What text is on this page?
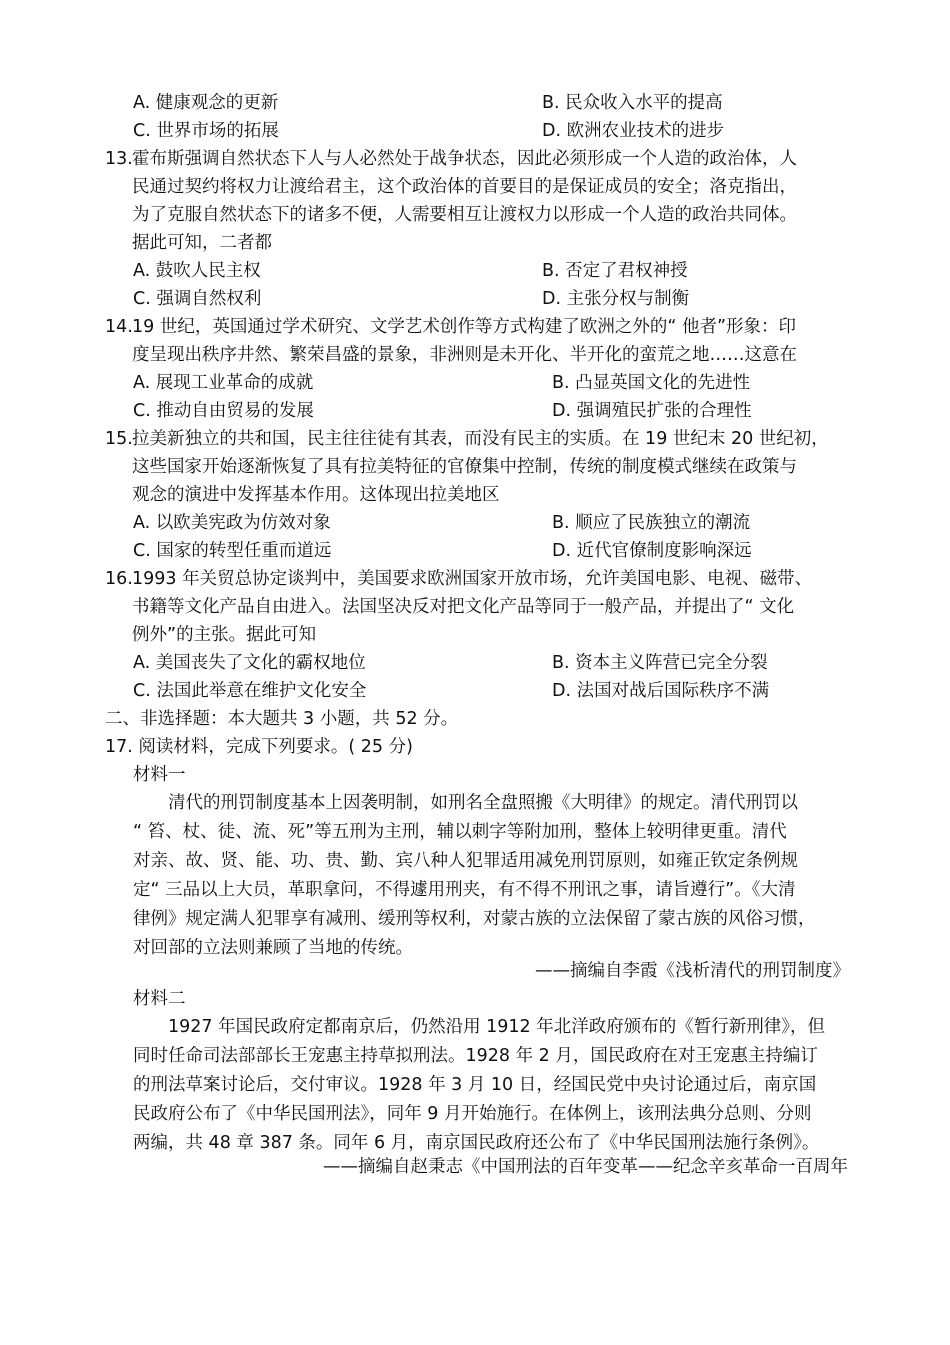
A. 健康观念的更新	B. 民众收入水平的提高
C. 世界市场的拓展	D. 欧洲农业技术的进步
13. 霍布斯强调自然状态下人与人必然处于战争状态，因此必须形成一个人造的政治体，人
民通过契约将权力让渡给君主，这个政治体的首要目的是保证成员的安全；洛克指出，
为了克服自然状态下的诸多不便，人需要相互让渡权力以形成一个人造的政治共同体。
据此可知，二者都
A. 鼓吹人民主权	B. 否定了君权神授
C. 强调自然权利	D. 主张分权与制衡
14. 19 世纪，英国通过学术研究、文学艺术创作等方式构建了欧洲之外的“ 他者”形象：印
度呈现出秩序井然、繁荣昌盛的景象，非洲则是未开化、半开化的蛮荒之地……这意在
A. 展现工业革命的成就	B. 凸显英国文化的先进性
C. 推动自由贸易的发展	D. 强调殖民扩张的合理性
15. 拉美新独立的共和国，民主往往徒有其表，而没有民主的实质。在 19 世纪末 20 世纪初，
这些国家开始逐渐恢复了具有拉美特征的官僚集中控制，传统的制度模式继续在政策与
观念的演进中发挥基本作用。这体现出拉美地区
A. 以欧美宪政为仿效对象	B. 顺应了民族独立的潮流
C. 国家的转型任重而道远	D. 近代官僚制度影响深远
16. 1993 年关贸总协定谈判中，美国要求欧洲国家开放市场，允许美国电影、电视、磁带、
书籍等文化产品自由进入。法国坚决反对把文化产品等同于一般产品，并提出了“ 文化
例外”的主张。据此可知
A. 美国丧失了文化的霸权地位	B. 资本主义阵营已完全分裂
C. 法国此举意在维护文化安全	D. 法国对战后国际秩序不满
二、非选择题：本大题共 3 小题，共 52 分。
17. 阅读材料，完成下列要求。( 25 分)
材料一
　　清代的刑罚制度基本上因袭明制，如刑名全盘照搬《大明律》的规定。清代刑罚以
“ 笞、杖、徒、流、死”等五刑为主刑，辅以刺字等附加刑，整体上较明律更重。清代
对亲、故、贤、能、功、贵、勤、宾八种人犯罪适用减免刑罚原则，如雍正钦定条例规
定“ 三品以上大员，革职拿问，不得遽用刑夹，有不得不刑讯之事，请旨遵行”。《大清
律例》规定满人犯罪享有减刑、缓刑等权利，对蒙古族的立法保留了蒙古族的风俗习惯，
对回部的立法则兼顾了当地的传统。
——摘编自李霞《浅析清代的刑罚制度》
材料二
　　1927 年国民政府定都南京后，仍然沿用 1912 年北洋政府颁布的《暂行新刑律》，但
同时任命司法部部长王宠惠主持草拟刑法。1928 年 2 月，国民政府在对王宠惠主持编订
的刑法草案讨论后，交付审议。1928 年 3 月 10 日，经国民党中央讨论通过后，南京国
民政府公布了《中华民国刑法》，同年 9 月开始施行。在体例上，该刑法典分总则、分则
两编，共 48 章 387 条。同年 6 月，南京国民政府还公布了《中华民国刑法施行条例》。
——摘编自赵秉志《中国刑法的百年变革——纪念辛亥革命一百周年
